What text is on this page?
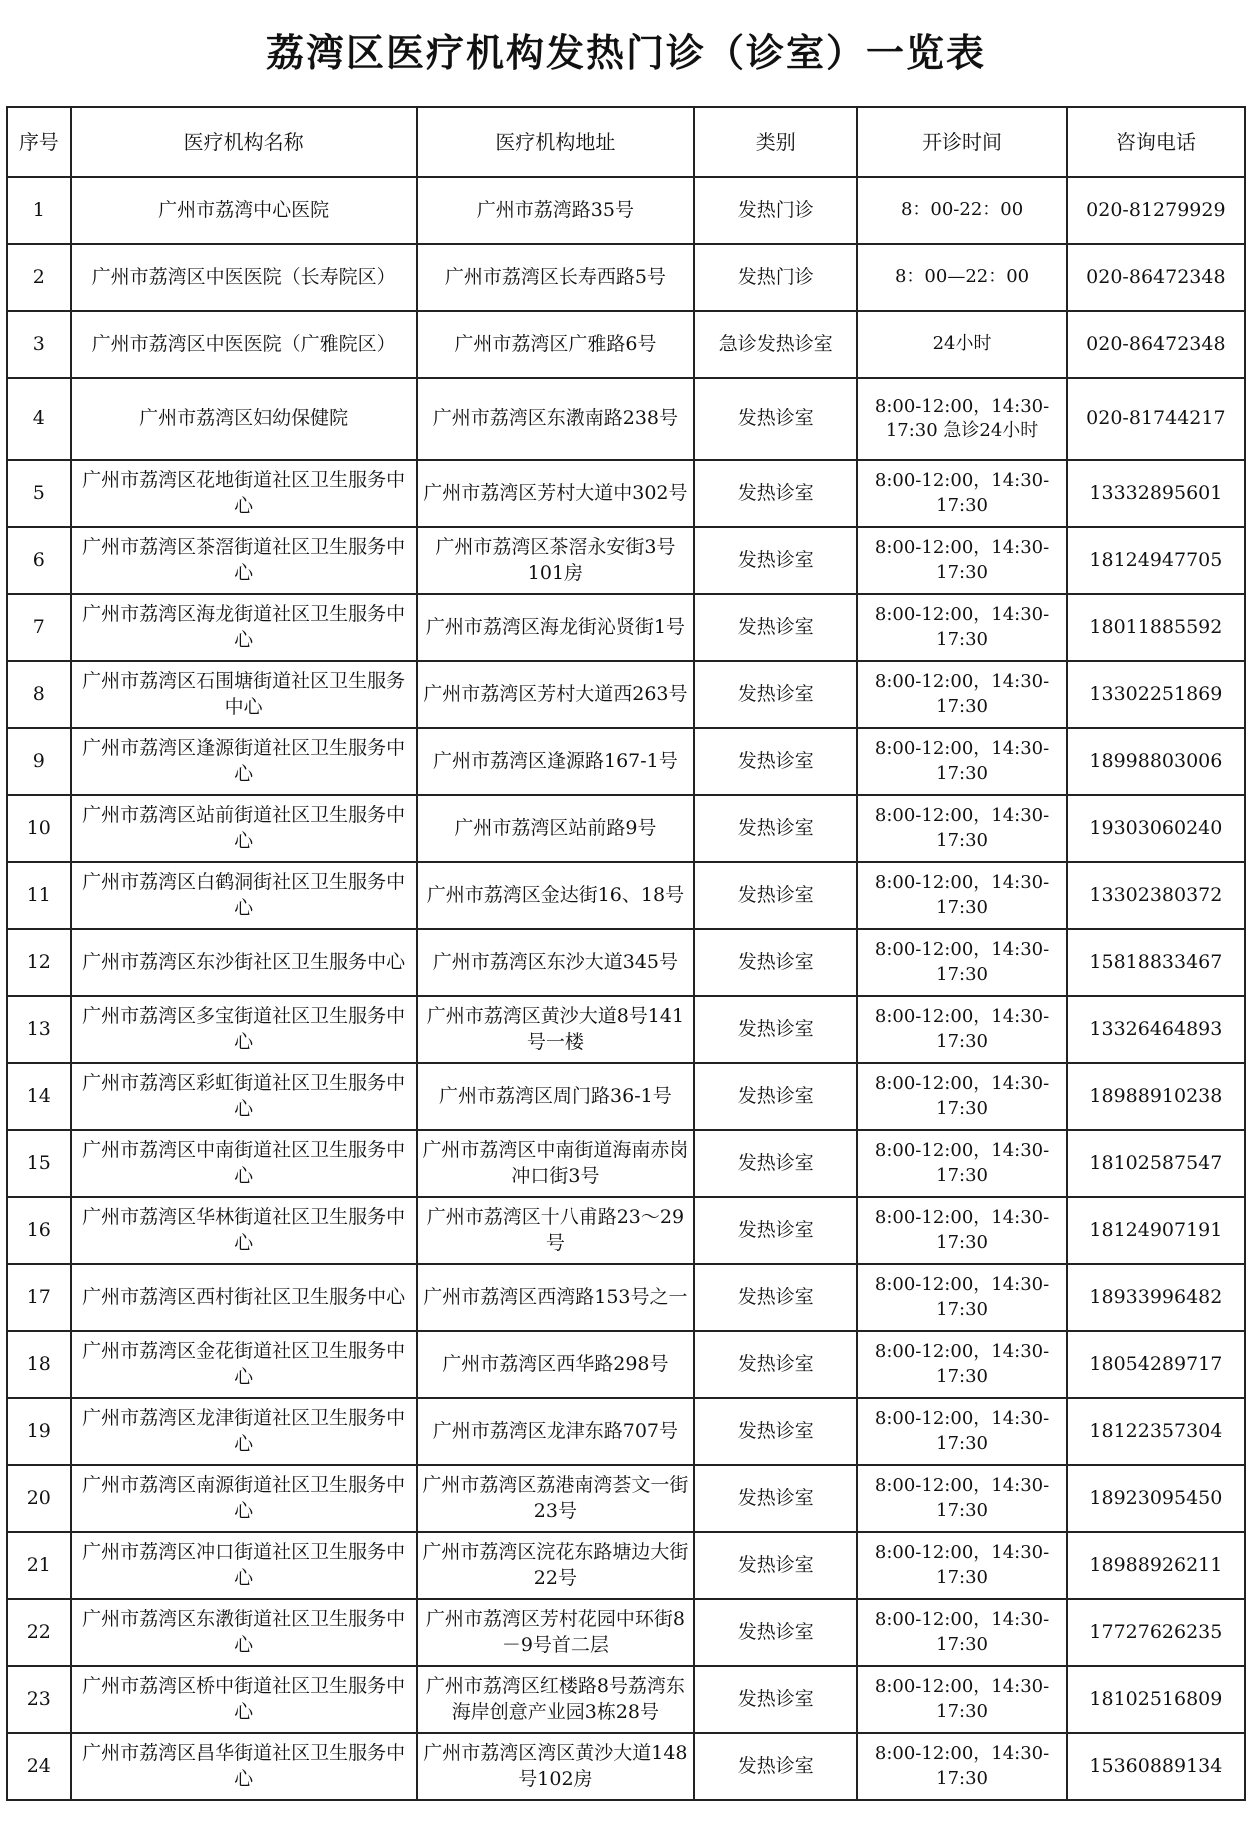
荔湾区医疗机构发热门诊（诊室）一览表
序号	医疗机构名称	医疗机构地址	类别	开诊时间	咨询电话
1	广州市荔湾中心医院	广州市荔湾路35号	发热门诊	8：00-22：00	020-81279929
2	广州市荔湾区中医医院（长寿院区）	广州市荔湾区长寿西路5号	发热门诊	8：00—22：00	020-86472348
3	广州市荔湾区中医医院（广雅院区）	广州市荔湾区广雅路6号	急诊发热诊室	24小时	020-86472348
4	广州市荔湾区妇幼保健院	广州市荔湾区东漖南路238号	发热诊室	8:00-12:00，14:30-17:30 急诊24小时	020-81744217
5	广州市荔湾区花地街道社区卫生服务中心	广州市荔湾区芳村大道中302号	发热诊室	8:00-12:00，14:30-17:30	13332895601
6	广州市荔湾区茶滘街道社区卫生服务中心	广州市荔湾区茶滘永安街3号101房	发热诊室	8:00-12:00，14:30-17:30	18124947705
7	广州市荔湾区海龙街道社区卫生服务中心	广州市荔湾区海龙街沁贤街1号	发热诊室	8:00-12:00，14:30-17:30	18011885592
8	广州市荔湾区石围塘街道社区卫生服务中心	广州市荔湾区芳村大道西263号	发热诊室	8:00-12:00，14:30-17:30	13302251869
9	广州市荔湾区逢源街道社区卫生服务中心	广州市荔湾区逢源路167-1号	发热诊室	8:00-12:00，14:30-17:30	18998803006
10	广州市荔湾区站前街道社区卫生服务中心	广州市荔湾区站前路9号	发热诊室	8:00-12:00，14:30-17:30	19303060240
11	广州市荔湾区白鹤洞街社区卫生服务中心	广州市荔湾区金达街16、18号	发热诊室	8:00-12:00，14:30-17:30	13302380372
12	广州市荔湾区东沙街社区卫生服务中心	广州市荔湾区东沙大道345号	发热诊室	8:00-12:00，14:30-17:30	15818833467
13	广州市荔湾区多宝街道社区卫生服务中心	广州市荔湾区黄沙大道8号141号一楼	发热诊室	8:00-12:00，14:30-17:30	13326464893
14	广州市荔湾区彩虹街道社区卫生服务中心	广州市荔湾区周门路36-1号	发热诊室	8:00-12:00，14:30-17:30	18988910238
15	广州市荔湾区中南街道社区卫生服务中心	广州市荔湾区中南街道海南赤岗冲口街3号	发热诊室	8:00-12:00，14:30-17:30	18102587547
16	广州市荔湾区华林街道社区卫生服务中心	广州市荔湾区十八甫路23～29号	发热诊室	8:00-12:00，14:30-17:30	18124907191
17	广州市荔湾区西村街社区卫生服务中心	广州市荔湾区西湾路153号之一	发热诊室	8:00-12:00，14:30-17:30	18933996482
18	广州市荔湾区金花街道社区卫生服务中心	广州市荔湾区西华路298号	发热诊室	8:00-12:00，14:30-17:30	18054289717
19	广州市荔湾区龙津街道社区卫生服务中心	广州市荔湾区龙津东路707号	发热诊室	8:00-12:00，14:30-17:30	18122357304
20	广州市荔湾区南源街道社区卫生服务中心	广州市荔湾区荔港南湾荟文一街23号	发热诊室	8:00-12:00，14:30-17:30	18923095450
21	广州市荔湾区冲口街道社区卫生服务中心	广州市荔湾区浣花东路塘边大街22号	发热诊室	8:00-12:00，14:30-17:30	18988926211
22	广州市荔湾区东漖街道社区卫生服务中心	广州市荔湾区芳村花园中环街8－9号首二层	发热诊室	8:00-12:00，14:30-17:30	17727626235
23	广州市荔湾区桥中街道社区卫生服务中心	广州市荔湾区红楼路8号荔湾东海岸创意产业园3栋28号	发热诊室	8:00-12:00，14:30-17:30	18102516809
24	广州市荔湾区昌华街道社区卫生服务中心	广州市荔湾区湾区黄沙大道148号102房	发热诊室	8:00-12:00，14:30-17:30	15360889134
